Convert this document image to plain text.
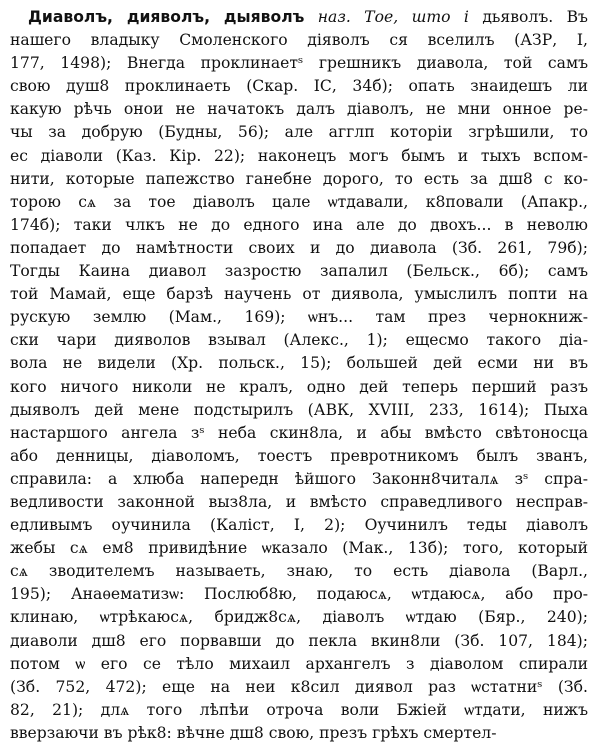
Диаволъ, дияволъ, дыяволъ наз. Тое, што і дьяволъ. Въ
нашего владыку Смоленского діяволъ ся вселилъ (АЗР, І,
177, 1498); Внегда проклинаетˢ грешникъ диавола, той самъ
свою душ8 проклинаеть (Скар. ІС, 34б); опать знаидешъ ли
какую рѣчь онои не начатокъ далъ діаволъ, не мни онное ре-
чы за добрую (Будны, 56); але агглп которіи згрѣшили, то
ес діаволи (Каз. Кір. 22); наконецъ могъ бымъ и тыхъ вспом-
нити, которые папежство ганебне дорого, то есть за дш8 с ко-
торою сѧ за тое діаволъ цале ѡтдавали, к8повали (Апакр.,
174б); таки члкъ не до едного ина але до двохъ... в неволю
попадает до намѣтности своих и до диавола (Зб. 261, 79б);
Тогды Каина диавол зазростю запалил (Бельск., 6б); самъ
той Мамай, еще барзѣ научень от диявола, умыслилъ попти на
рускую землю (Мам., 169); ѡнъ... там през чернокниж-
ски чари дияволов взывал (Алекс., 1); ещесмо такого діа-
вола не видели (Хр. польск., 15); большей дей есми ни въ
кого ничого николи не кралъ, одно дей теперь перший разъ
дыяволъ дей мене подстырилъ (АВК, XVIII, 233, 1614); Пыха
настаршого ангела зˢ неба скин8ла, и абы вмѣсто свѣтоносца
або денницы, діаволомъ, тоестъ превротникомъ былъ званъ,
справила: а хлюба напередн ѣйшого Законн8читалѧ зˢ спра-
ведливости законной выз8ла, и вмѣсто справедливого несправ-
едливымъ оучинила (Каліст, І, 2); Оучинилъ теды діаволъ
жебы сѧ ем8 привидѣние ѡказало (Мак., 13б); того, который
сѧ зводителемъ называеть, знаю, то есть діавола (Варл.,
195); Анаѳематизѡ: Послюб8ю, подаюсѧ, ѡтдаюсѧ, або про-
клинаю, ѡтрѣкаюсѧ, бридж8сѧ, діаволъ ѡтдаю (Бяр., 240);
диаволи дш8 его порвавши до пекла вкин8ли (Зб. 107, 184);
потом ѡ его се тѣло михаил архангелъ з діаволом спирали
(Зб. 752, 472); еще на неи к8сил диявол раз ѡстатниˢ (Зб.
82, 21); длѧ того лѣпѣи отроча воли Бжіей ѡтдати, нижъ
вверзаючи въ рѣк8: вѣчне дш8 свою, презъ грѣхъ смертел-
